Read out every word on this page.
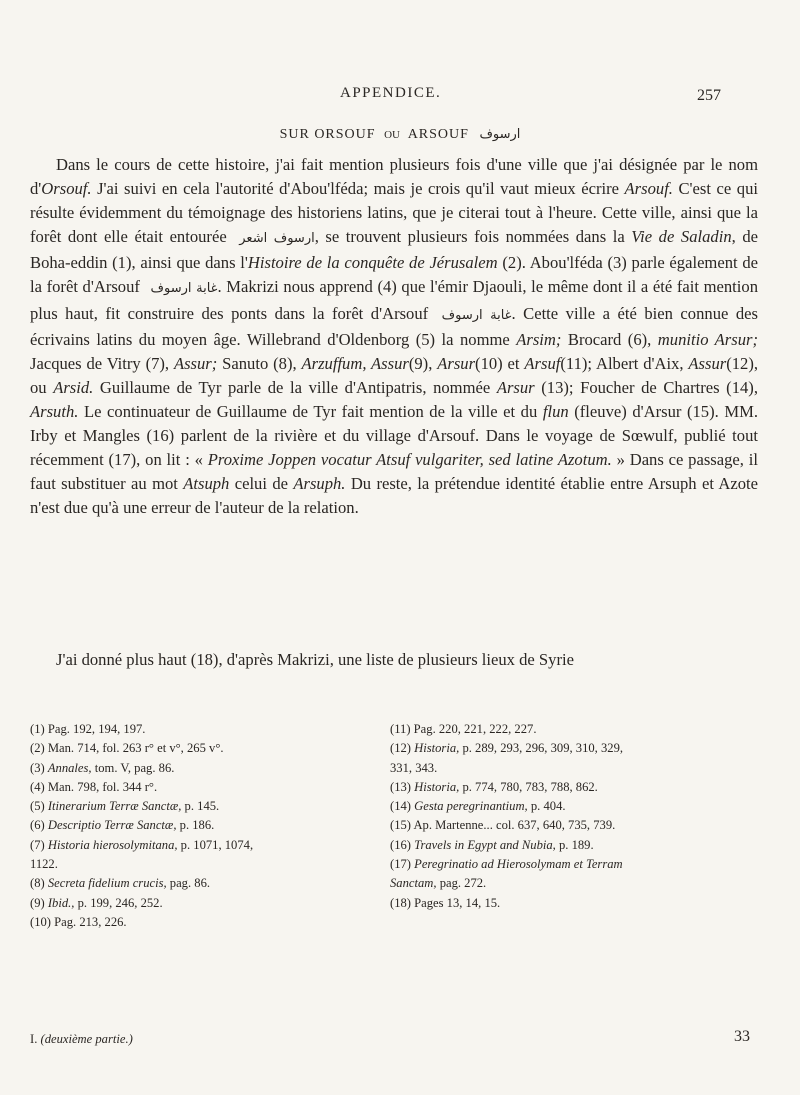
APPENDICE.	257
SUR ORSOUF OU ARSOUF ارسوف

Dans le cours de cette histoire, j'ai fait mention plusieurs fois d'une ville que j'ai désignée par le nom d'Orsouf. J'ai suivi en cela l'autorité d'Abou'lféda; mais je crois qu'il vaut mieux écrire Arsouf. C'est ce qui résulte évidemment du témoignage des historiens latins, que je citerai tout à l'heure. Cette ville, ainsi que la forêt dont elle était entourée ارسوف اشعر, se trouvent plusieurs fois nommées dans la Vie de Saladin, de Boha-eddin (1), ainsi que dans l'Histoire de la conquête de Jérusalem (2). Abou'lféda (3) parle également de la forêt d'Arsouf غابة ارسوف. Makrizi nous apprend (4) que l'émir Djaouli, le même dont il a été fait mention plus haut, fit construire des ponts dans la forêt d'Arsouf غابة ارسوف. Cette ville a été bien connue des écrivains latins du moyen âge. Willebrand d'Oldenborg (5) la nomme Arsim; Brocard (6), munitio Arsur; Jacques de Vitry (7), Assur; Sanuto (8), Arzuffum, Assur(9), Arsur(10) et Arsuf(11); Albert d'Aix, Assur(12), ou Arsid. Guillaume de Tyr parle de la ville d'Antipatris, nommée Arsur (13); Foucher de Chartres (14), Arsuth. Le continuateur de Guillaume de Tyr fait mention de la ville et du flun (fleuve) d'Arsur (15). MM. Irby et Mangles (16) parlent de la rivière et du village d'Arsouf. Dans le voyage de Sœwulf, publié tout récemment (17), on lit : « Proxime Joppen vocatur Atsuf vulgariter, sed latine Azotum. » Dans ce passage, il faut substituer au mot Atsuph celui de Arsuph. Du reste, la prétendue identité établie entre Arsuph et Azote n'est due qu'à une erreur de l'auteur de la relation.

J'ai donné plus haut (18), d'après Makrizi, une liste de plusieurs lieux de Syrie

(1) Pag. 192, 194, 197.

(2) Man. 714, fol. 263 r° et v°, 265 v°.

(3) Annales, tom. V, pag. 86.

(4) Man. 798, fol. 344 r°.

(5) Itinerarium Terræ Sanctæ, p. 145.

(6) Descriptio Terræ Sanctæ, p. 186.

(7) Historia hierosolymitana, p. 1071, 1074,

1122.

(8) Secreta fidelium crucis, pag. 86.

(9) Ibid., p. 199, 246, 252.

(10) Pag. 213, 226.

(11) Pag. 220, 221, 222, 227.

(12) Historia, p. 289, 293, 296, 309, 310, 329,

331, 343.

(13) Historia, p. 774, 780, 783, 788, 862.

(14) Gesta peregrinantium, p. 404.

(15) Ap. Martenne... col. 637, 640, 735, 739.

(16) Travels in Egypt and Nubia, p. 189.

(17) Peregrinatio ad Hierosolymam et Terram

Sanctam, pag. 272.

(18) Pages 13, 14, 15.

I. (deuxième partie.)	33
